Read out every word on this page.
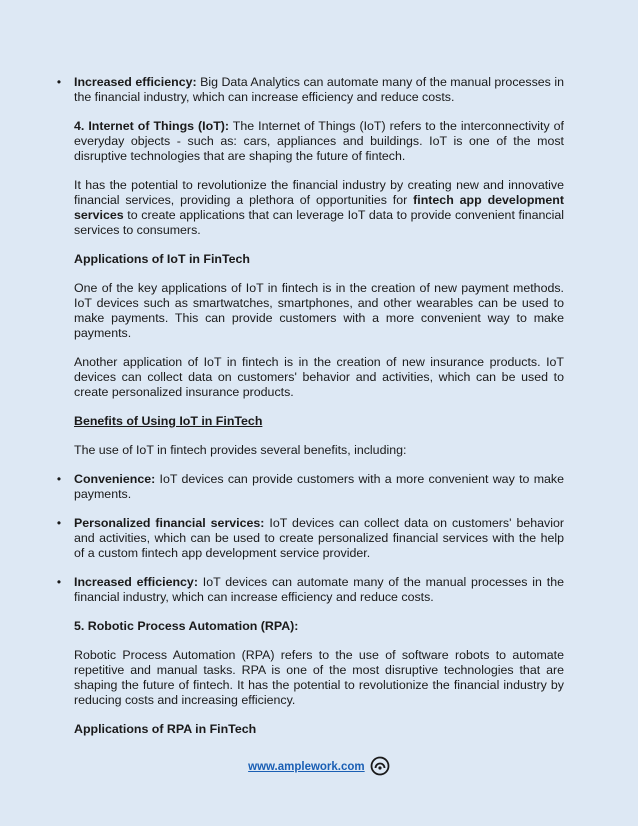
• Increased efficiency: Big Data Analytics can automate many of the manual processes in the financial industry, which can increase efficiency and reduce costs.

4. Internet of Things (IoT): The Internet of Things (IoT) refers to the interconnectivity of everyday objects - such as: cars, appliances and buildings. IoT is one of the most disruptive technologies that are shaping the future of fintech.

It has the potential to revolutionize the financial industry by creating new and innovative financial services, providing a plethora of opportunities for fintech app development services to create applications that can leverage IoT data to provide convenient financial services to consumers.

Applications of IoT in FinTech

One of the key applications of IoT in fintech is in the creation of new payment methods. IoT devices such as smartwatches, smartphones, and other wearables can be used to make payments. This can provide customers with a more convenient way to make payments.

Another application of IoT in fintech is in the creation of new insurance products. IoT devices can collect data on customers' behavior and activities, which can be used to create personalized insurance products.

Benefits of Using IoT in FinTech

The use of IoT in fintech provides several benefits, including:

• Convenience: IoT devices can provide customers with a more convenient way to make payments.
• Personalized financial services: IoT devices can collect data on customers' behavior and activities, which can be used to create personalized financial services with the help of a custom fintech app development service provider.
• Increased efficiency: IoT devices can automate many of the manual processes in the financial industry, which can increase efficiency and reduce costs.

5. Robotic Process Automation (RPA):

Robotic Process Automation (RPA) refers to the use of software robots to automate repetitive and manual tasks. RPA is one of the most disruptive technologies that are shaping the future of fintech. It has the potential to revolutionize the financial industry by reducing costs and increasing efficiency.

Applications of RPA in FinTech

www.amplework.com
